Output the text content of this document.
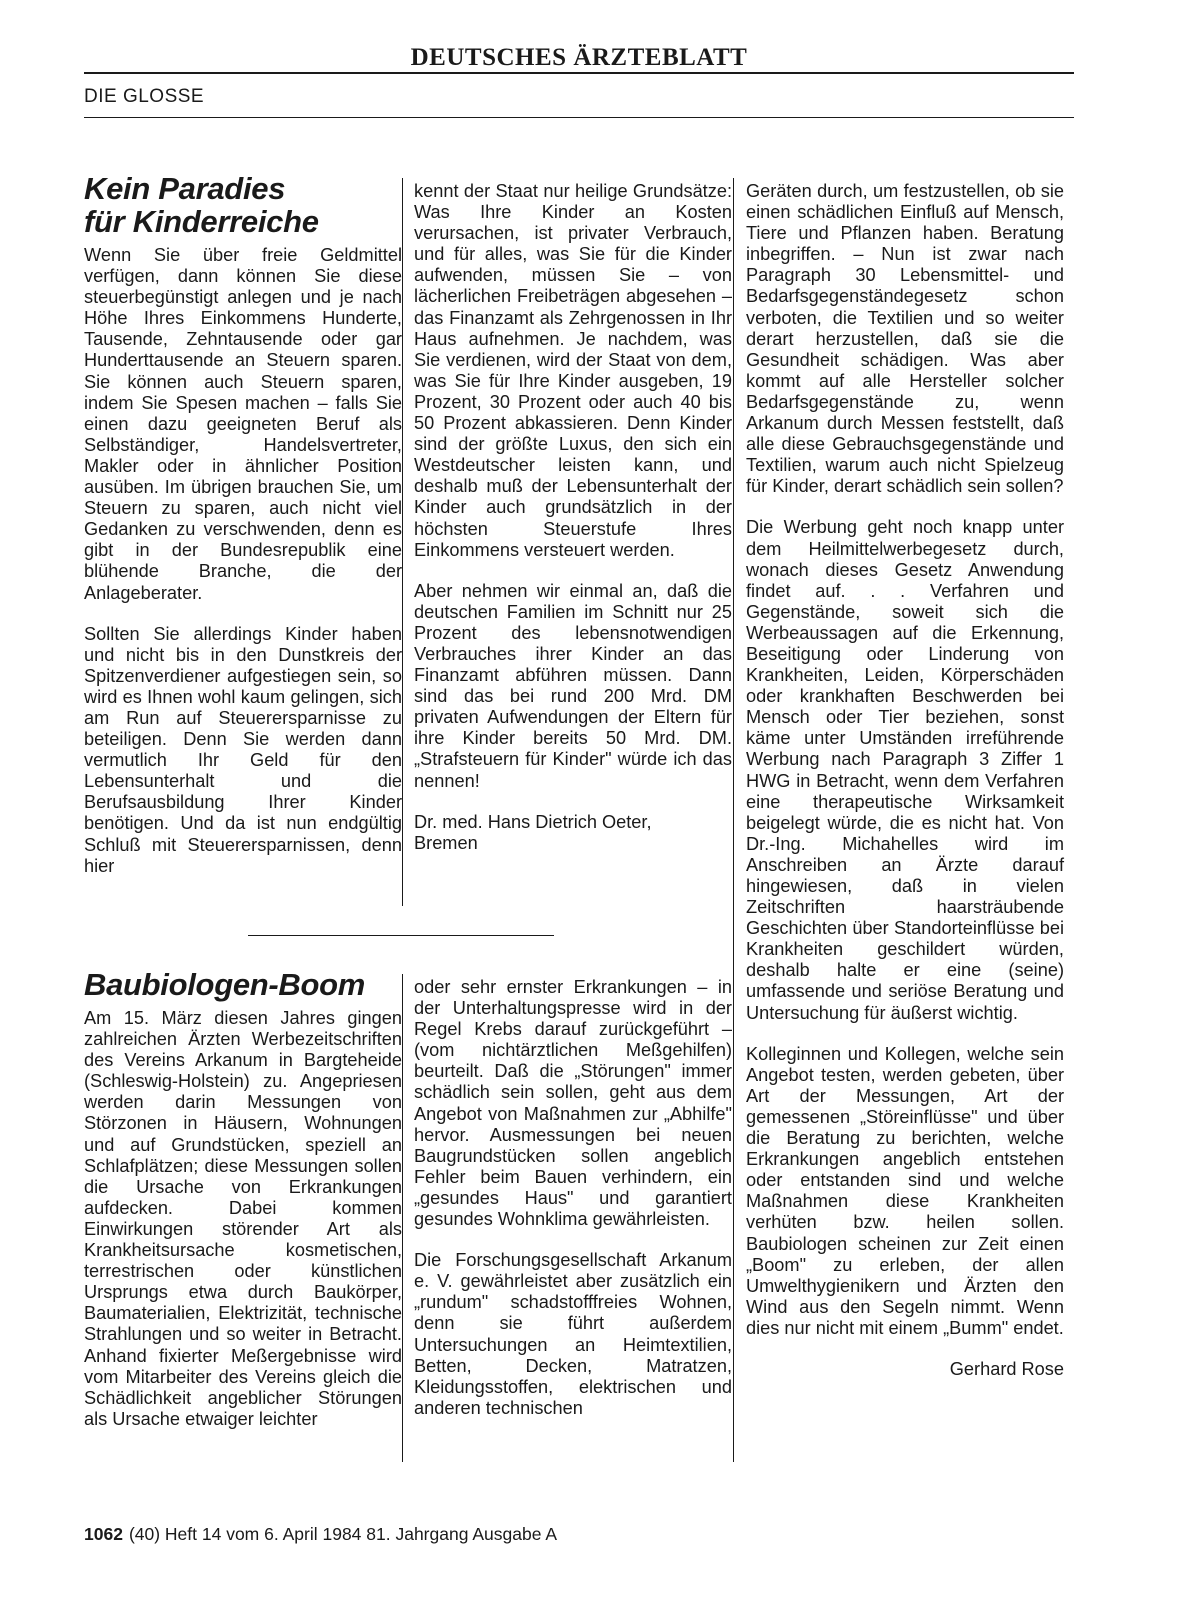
DEUTSCHES ÄRZTEBLATT
DIE GLOSSE
Kein Paradies
für Kinderreiche

Wenn Sie über freie Geldmittel verfügen, dann können Sie diese steuerbegünstigt anlegen und je nach Höhe Ihres Einkommens Hunderte, Tausende, Zehntausende oder gar Hunderttausende an Steuern sparen. Sie können auch Steuern sparen, indem Sie Spesen machen – falls Sie einen dazu geeigneten Beruf als Selbständiger, Handelsvertreter, Makler oder in ähnlicher Position ausüben. Im übrigen brauchen Sie, um Steuern zu sparen, auch nicht viel Gedanken zu verschwenden, denn es gibt in der Bundesrepublik eine blühende Branche, die der Anlageberater.

Sollten Sie allerdings Kinder haben und nicht bis in den Dunstkreis der Spitzenverdiener aufgestiegen sein, so wird es Ihnen wohl kaum gelingen, sich am Run auf Steuerersparnisse zu beteiligen. Denn Sie werden dann vermutlich Ihr Geld für den Lebensunterhalt und die Berufsausbildung Ihrer Kinder benötigen. Und da ist nun endgültig Schluß mit Steuerersparnissen, denn hier

kennt der Staat nur heilige Grundsätze: Was Ihre Kinder an Kosten verursachen, ist privater Verbrauch, und für alles, was Sie für die Kinder aufwenden, müssen Sie – von lächerlichen Freibeträgen abgesehen – das Finanzamt als Zehrgenossen in Ihr Haus aufnehmen. Je nachdem, was Sie verdienen, wird der Staat von dem, was Sie für Ihre Kinder ausgeben, 19 Prozent, 30 Prozent oder auch 40 bis 50 Prozent abkassieren. Denn Kinder sind der größte Luxus, den sich ein Westdeutscher leisten kann, und deshalb muß der Lebensunterhalt der Kinder auch grundsätzlich in der höchsten Steuerstufe Ihres Einkommens versteuert werden.

Aber nehmen wir einmal an, daß die deutschen Familien im Schnitt nur 25 Prozent des lebensnotwendigen Verbrauches ihrer Kinder an das Finanzamt abführen müssen. Dann sind das bei rund 200 Mrd. DM privaten Aufwendungen der Eltern für ihre Kinder bereits 50 Mrd. DM. „Strafsteuern für Kinder" würde ich das nennen!

Dr. med. Hans Dietrich Oeter,
Bremen

Baubiologen-Boom

Am 15. März diesen Jahres gingen zahlreichen Ärzten Werbezeitschriften des Vereins Arkanum in Bargteheide (Schleswig-Holstein) zu. Angepriesen werden darin Messungen von Störzonen in Häusern, Wohnungen und auf Grundstücken, speziell an Schlafplätzen; diese Messungen sollen die Ursache von Erkrankungen aufdecken. Dabei kommen Einwirkungen störender Art als Krankheitsursache kosmetischen, terrestrischen oder künstlichen Ursprungs etwa durch Baukörper, Baumaterialien, Elektrizität, technische Strahlungen und so weiter in Betracht. Anhand fixierter Meßergebnisse wird vom Mitarbeiter des Vereins gleich die Schädlichkeit angeblicher Störungen als Ursache etwaiger leichter

oder sehr ernster Erkrankungen – in der Unterhaltungspresse wird in der Regel Krebs darauf zurückgeführt – (vom nichtärztlichen Meßgehilfen) beurteilt. Daß die „Störungen" immer schädlich sein sollen, geht aus dem Angebot von Maßnahmen zur „Abhilfe" hervor. Ausmessungen bei neuen Baugrundstücken sollen angeblich Fehler beim Bauen verhindern, ein „gesundes Haus" und garantiert gesundes Wohnklima gewährleisten.

Die Forschungsgesellschaft Arkanum e. V. gewährleistet aber zusätzlich ein „rundum" schadstofffreies Wohnen, denn sie führt außerdem Untersuchungen an Heimtextilien, Betten, Decken, Matratzen, Kleidungsstoffen, elektrischen und anderen technischen

Geräten durch, um festzustellen, ob sie einen schädlichen Einfluß auf Mensch, Tiere und Pflanzen haben. Beratung inbegriffen. – Nun ist zwar nach Paragraph 30 Lebensmittel- und Bedarfsgegenständegesetz schon verboten, die Textilien und so weiter derart herzustellen, daß sie die Gesundheit schädigen. Was aber kommt auf alle Hersteller solcher Bedarfsgegenstände zu, wenn Arkanum durch Messen feststellt, daß alle diese Gebrauchsgegenstände und Textilien, warum auch nicht Spielzeug für Kinder, derart schädlich sein sollen?

Die Werbung geht noch knapp unter dem Heilmittelwerbegesetz durch, wonach dieses Gesetz Anwendung findet auf. . . Verfahren und Gegenstände, soweit sich die Werbeaussagen auf die Erkennung, Beseitigung oder Linderung von Krankheiten, Leiden, Körperschäden oder krankhaften Beschwerden bei Mensch oder Tier beziehen, sonst käme unter Umständen irreführende Werbung nach Paragraph 3 Ziffer 1 HWG in Betracht, wenn dem Verfahren eine therapeutische Wirksamkeit beigelegt würde, die es nicht hat. Von Dr.-Ing. Michahelles wird im Anschreiben an Ärzte darauf hingewiesen, daß in vielen Zeitschriften haarsträubende Geschichten über Standorteinflüsse bei Krankheiten geschildert würden, deshalb halte er eine (seine) umfassende und seriöse Beratung und Untersuchung für äußerst wichtig.

Kolleginnen und Kollegen, welche sein Angebot testen, werden gebeten, über Art der Messungen, Art der gemessenen „Störeinflüsse" und über die Beratung zu berichten, welche Erkrankungen angeblich entstehen oder entstanden sind und welche Maßnahmen diese Krankheiten verhüten bzw. heilen sollen. Baubiologen scheinen zur Zeit einen „Boom" zu erleben, der allen Umwelthygienikern und Ärzten den Wind aus den Segeln nimmt. Wenn dies nur nicht mit einem „Bumm" endet.

Gerhard Rose

1062 (40) Heft 14 vom 6. April 1984 81. Jahrgang Ausgabe A
